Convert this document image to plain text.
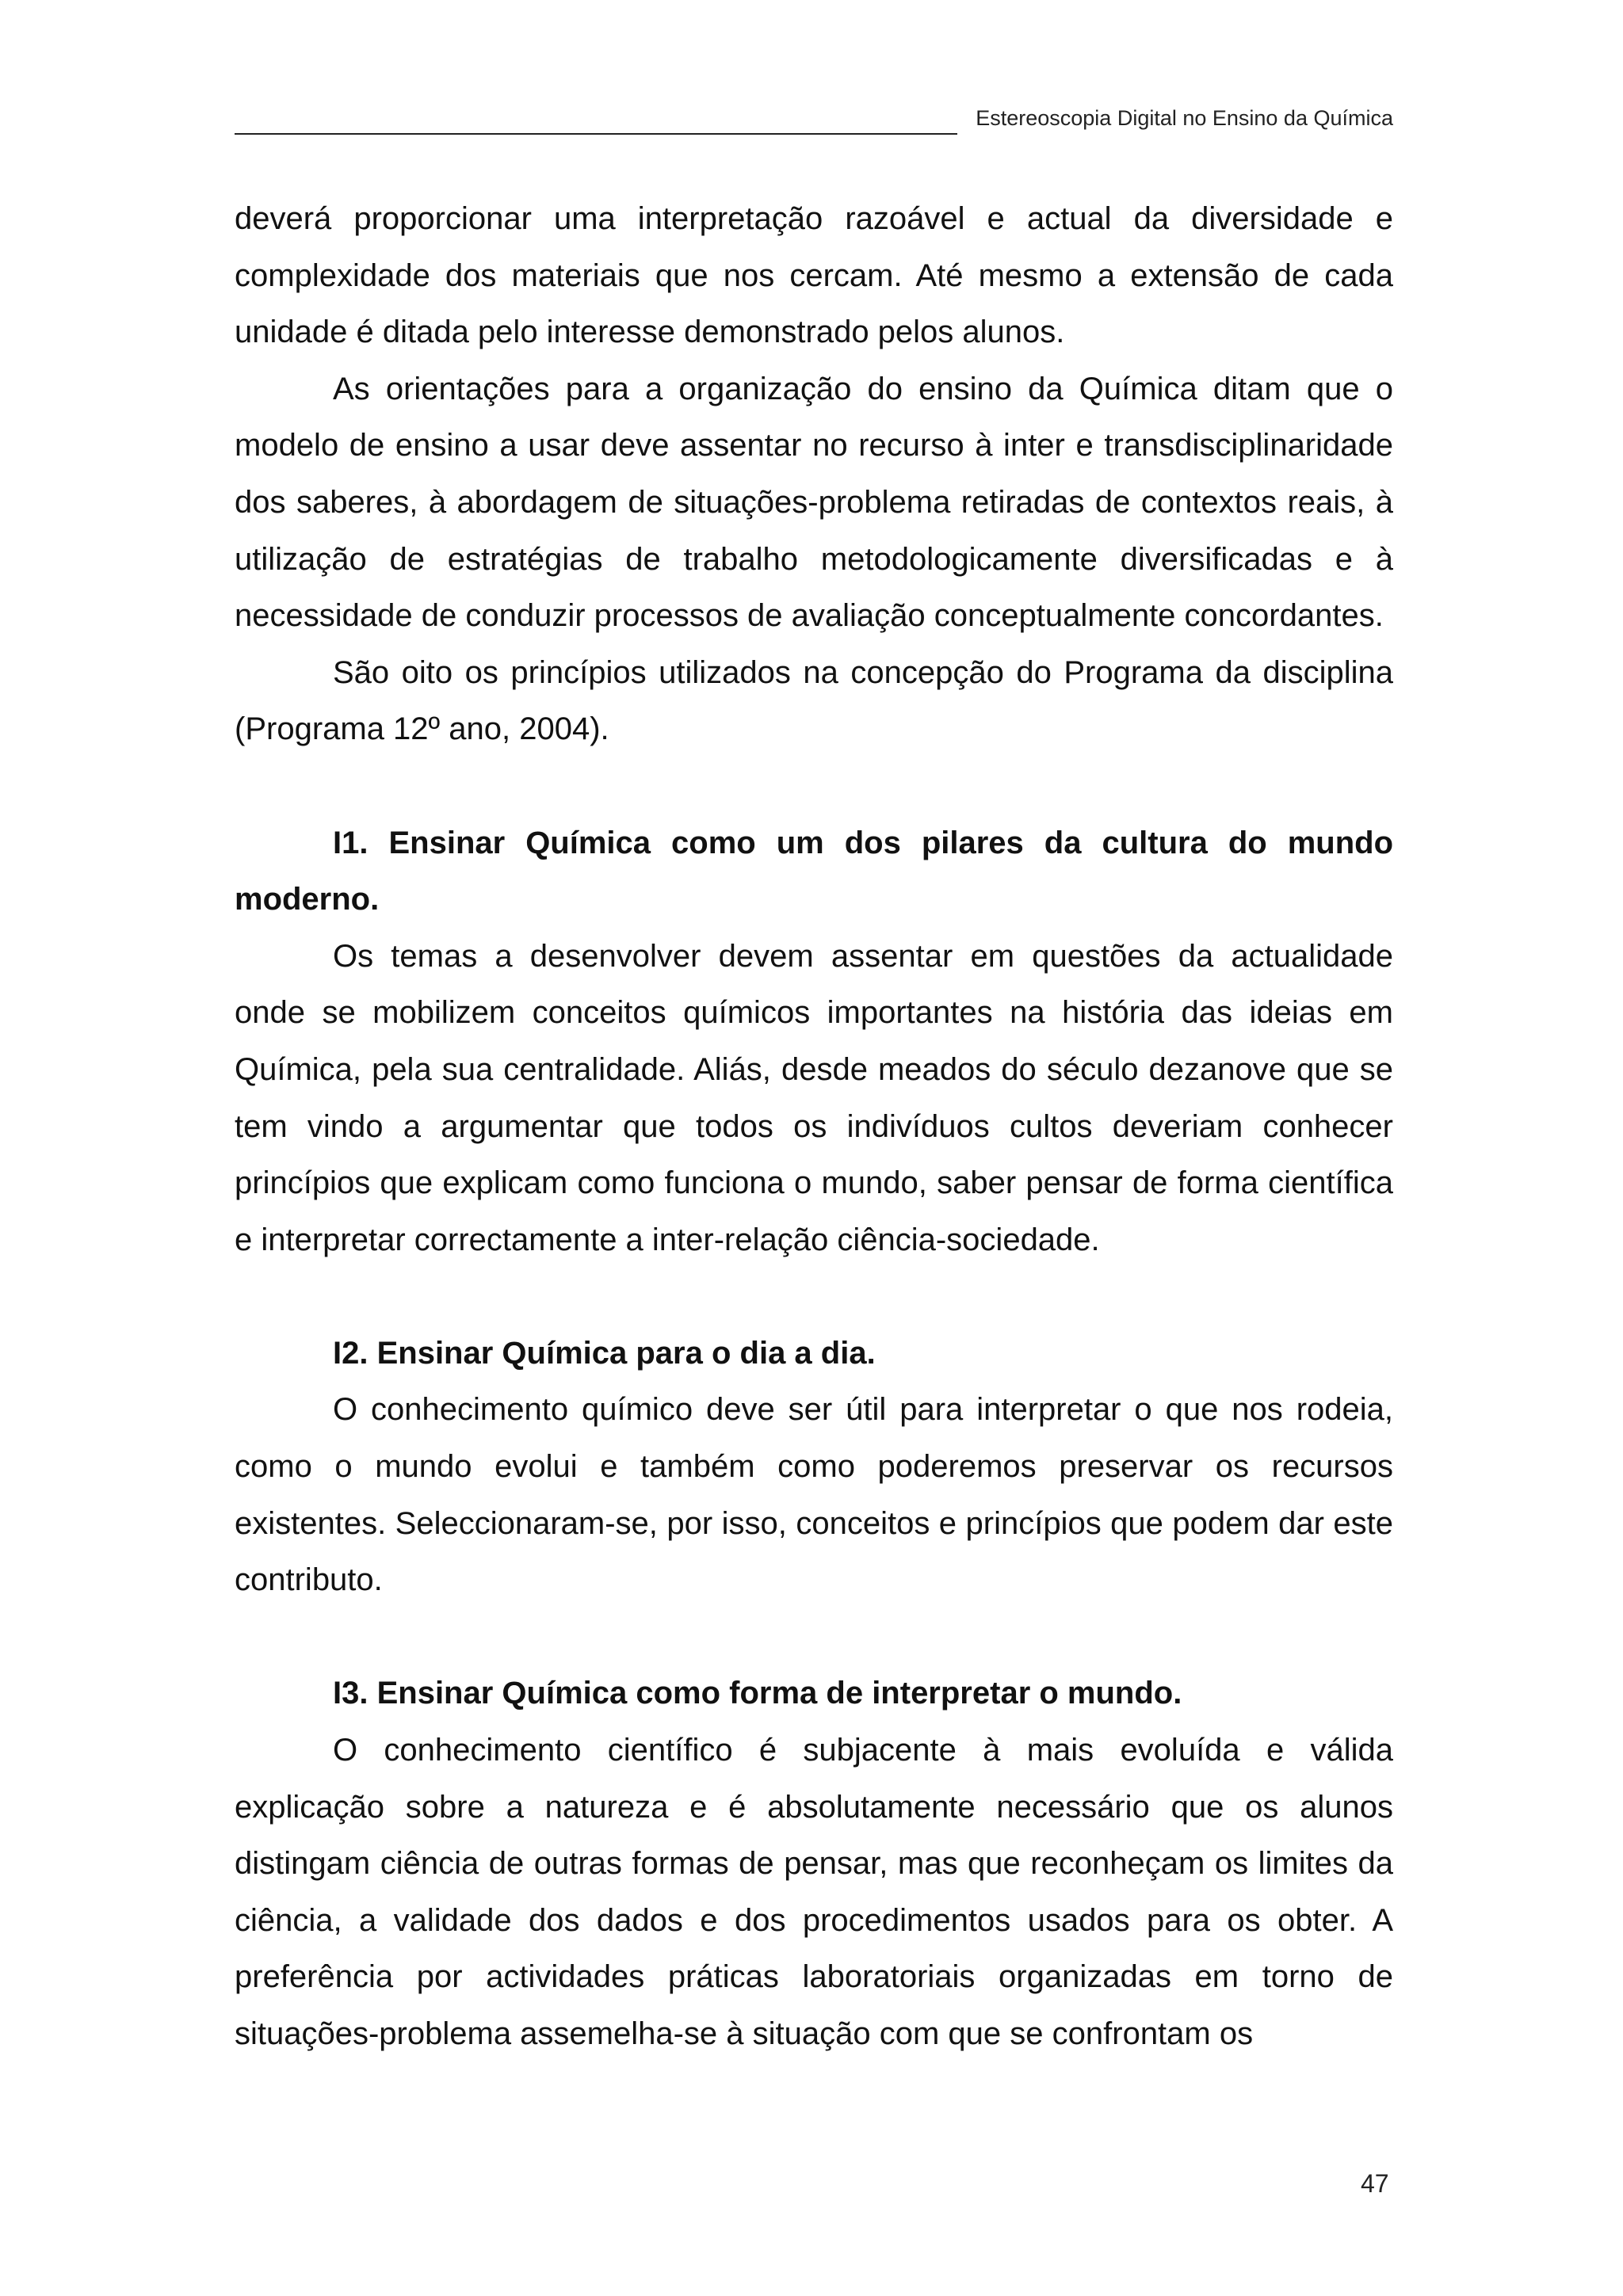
Estereoscopia Digital no Ensino da Química

deverá proporcionar uma interpretação razoável e actual da diversidade e complexidade dos materiais que nos cercam. Até mesmo a extensão de cada unidade é ditada pelo interesse demonstrado pelos alunos.

As orientações para a organização do ensino da Química ditam que o modelo de ensino a usar deve assentar no recurso à inter e transdisciplinaridade dos saberes, à abordagem de situações-problema retiradas de contextos reais, à utilização de estratégias de trabalho metodologicamente diversificadas e à necessidade de conduzir processos de avaliação conceptualmente concordantes.

São oito os princípios utilizados na concepção do Programa da disciplina (Programa 12º ano, 2004).

I1. Ensinar Química como um dos pilares da cultura do mundo moderno.

Os temas a desenvolver devem assentar em questões da actualidade onde se mobilizem conceitos químicos importantes na história das ideias em Química, pela sua centralidade. Aliás, desde meados do século dezanove que se tem vindo a argumentar que todos os indivíduos cultos deveriam conhecer princípios que explicam como funciona o mundo, saber pensar de forma científica e interpretar correctamente a inter-relação ciência-sociedade.

I2. Ensinar Química para o dia a dia.

O conhecimento químico deve ser útil para interpretar o que nos rodeia, como o mundo evolui e também como poderemos preservar os recursos existentes. Seleccionaram-se, por isso, conceitos e princípios que podem dar este contributo.

I3. Ensinar Química como forma de interpretar o mundo.

O conhecimento científico é subjacente à mais evoluída e válida explicação sobre a natureza e é absolutamente necessário que os alunos distingam ciência de outras formas de pensar, mas que reconheçam os limites da ciência, a validade dos dados e dos procedimentos usados para os obter. A preferência por actividades práticas laboratoriais organizadas em torno de situações-problema assemelha-se à situação com que se confrontam os

47
